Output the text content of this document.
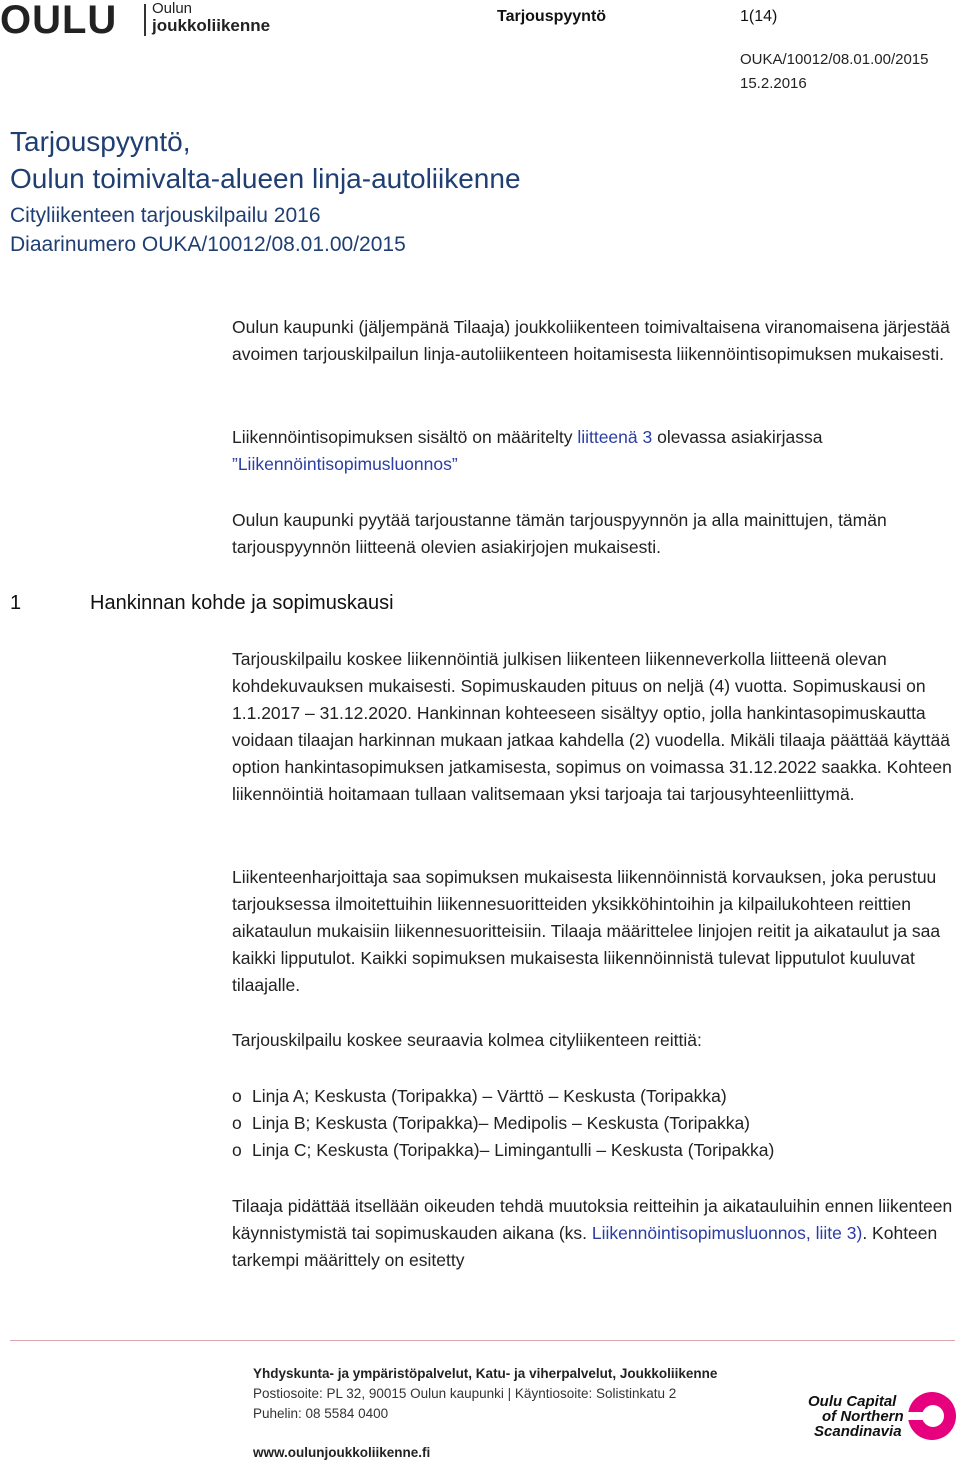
OULU Oulun
joukkoliikenne	Tarjouspyyntö	1(14)
OUKA/10012/08.01.00/2015
15.2.2016
Tarjouspyyntö,
Oulun toimivalta-alueen linja-autoliikenne
Cityliikenteen tarjouskilpailu 2016
Diaarinumero OUKA/10012/08.01.00/2015

Oulun kaupunki (jäljempänä Tilaaja) joukkoliikenteen toimivaltaisena viranomaisena järjestää avoimen tarjouskilpailun linja-autoliikenteen hoitamisesta liikennöintisopimuksen mukaisesti.

Liikennöintisopimuksen sisältö on määritelty liitteenä 3 olevassa asiakirjassa
”Liikennöintisopimusluonnos”

Oulun kaupunki pyytää tarjoustanne tämän tarjouspyynnön ja alla mainittujen, tämän tarjouspyynnön liitteenä olevien asiakirjojen mukaisesti.

1	Hankinnan kohde ja sopimuskausi

Tarjouskilpailu koskee liikennöintiä julkisen liikenteen liikenneverkolla liitteenä olevan kohdekuvauksen mukaisesti. Sopimuskauden pituus on neljä (4) vuotta. Sopimuskausi on 1.1.2017 – 31.12.2020. Hankinnan kohteeseen sisältyy optio, jolla hankintasopimuskautta voidaan tilaajan harkinnan mukaan jatkaa kahdella (2) vuodella. Mikäli tilaaja päättää käyttää option hankintasopimuksen jatkamisesta, sopimus on voimassa 31.12.2022 saakka. Kohteen liikennöintiä hoitamaan tullaan valitsemaan yksi tarjoaja tai tarjousyhteenliittymä.

Liikenteenharjoittaja saa sopimuksen mukaisesta liikennöinnistä korvauksen, joka perustuu tarjouksessa ilmoitettuihin liikennesuoritteiden yksikköhintoihin ja kilpailukohteen reittien aikataulun mukaisiin liikennesuoritteisiin. Tilaaja määrittelee linjojen reitit ja aikataulut ja saa kaikki lipputulot. Kaikki sopimuksen mukaisesta liikennöinnistä tulevat lipputulot kuuluvat tilaajalle.

Tarjouskilpailu koskee seuraavia kolmea cityliikenteen reittiä:

o Linja A; Keskusta (Toripakka) – Värttö – Keskusta (Toripakka)
o Linja B; Keskusta (Toripakka)– Medipolis – Keskusta (Toripakka)
o Linja C; Keskusta (Toripakka)– Limingantulli – Keskusta (Toripakka)

Tilaaja pidättää itsellään oikeuden tehdä muutoksia reitteihin ja aikatauluihin ennen liikenteen käynnistymistä tai sopimuskauden aikana (ks. Liikennöintisopimusluonnos, liite 3). Kohteen tarkempi määrittely on esitetty

Yhdyskunta- ja ympäristöpalvelut, Katu- ja viherpalvelut, Joukkoliikenne
Postiosoite: PL 32, 90015 Oulun kaupunki | Käyntiosoite: Solistinkatu 2
Puhelin: 08 5584 0400
www.oulunjoukkoliikenne.fi
Oulu Capital
of Northern
Scandinavia
